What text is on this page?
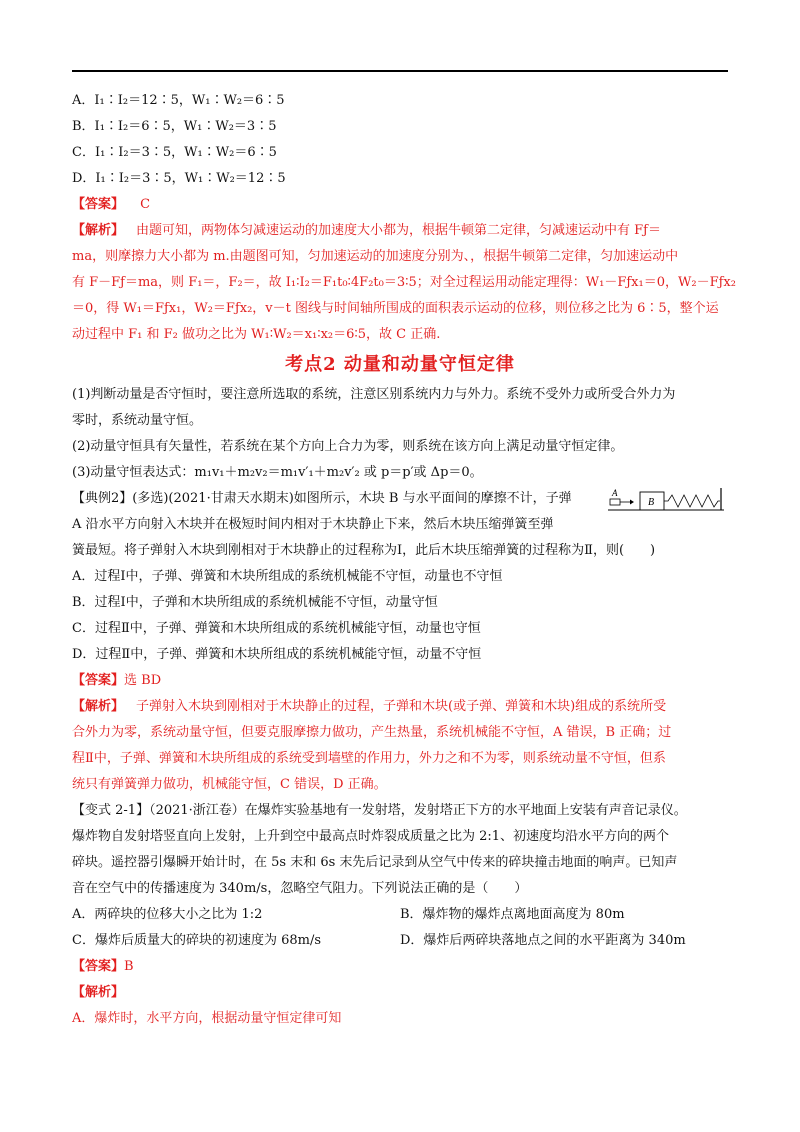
A．I₁∶I₂＝12∶5，W₁∶W₂＝6∶5
B．I₁∶I₂＝6∶5，W₁∶W₂＝3∶5
C．I₁∶I₂＝3∶5，W₁∶W₂＝6∶5
D．I₁∶I₂＝3∶5，W₁∶W₂＝12∶5
【答案】 C
【解析】 由题可知，两物体匀减速运动的加速度大小都为，根据牛顿第二定律，匀减速运动中有 Fƒ＝
ma，则摩擦力大小都为 m.由题图可知，匀加速运动的加速度分别为、，根据牛顿第二定律，匀加速运动中
有 F－Fƒ＝ma，则 F₁＝，F₂＝，故 I₁∶I₂＝F₁t₀∶4F₂t₀＝3∶5；对全过程运用动能定理得：W₁－Fƒx₁＝0，W₂－Fƒx₂
＝0，得 W₁＝Fƒx₁，W₂＝Fƒx₂，v－t 图线与时间轴所围成的面积表示运动的位移，则位移之比为 6∶5，整个运
动过程中 F₁ 和 F₂ 做功之比为 W₁∶W₂＝x₁∶x₂＝6∶5，故 C 正确.
考点2 动量和动量守恒定律
(1)判断动量是否守恒时，要注意所选取的系统，注意区别系统内力与外力。系统不受外力或所受合外力为
零时，系统动量守恒。
(2)动量守恒具有矢量性，若系统在某个方向上合力为零，则系统在该方向上满足动量守恒定律。
(3)动量守恒表达式：m₁v₁＋m₂v₂＝m₁v′₁＋m₂v′₂ 或 p＝p′或 Δp＝0。
A
B
【典例2】(多选)(2021·甘肃天水期末)如图所示，木块 B 与水平面间的摩擦不计，子弹
A 沿水平方向射入木块并在极短时间内相对于木块静止下来，然后木块压缩弹簧至弹
簧最短。将子弹射入木块到刚相对于木块静止的过程称为Ⅰ，此后木块压缩弹簧的过程称为Ⅱ，则(　　)
A．过程Ⅰ中，子弹、弹簧和木块所组成的系统机械能不守恒，动量也不守恒
B．过程Ⅰ中，子弹和木块所组成的系统机械能不守恒，动量守恒
C．过程Ⅱ中，子弹、弹簧和木块所组成的系统机械能守恒，动量也守恒
D．过程Ⅱ中，子弹、弹簧和木块所组成的系统机械能守恒，动量不守恒
【答案】选 BD
【解析】 子弹射入木块到刚相对于木块静止的过程，子弹和木块(或子弹、弹簧和木块)组成的系统所受
合外力为零，系统动量守恒，但要克服摩擦力做功，产生热量，系统机械能不守恒，A 错误，B 正确；过
程Ⅱ中，子弹、弹簧和木块所组成的系统受到墙壁的作用力，外力之和不为零，则系统动量不守恒，但系
统只有弹簧弹力做功，机械能守恒，C 错误，D 正确。
【变式 2-1】（2021·浙江卷）在爆炸实验基地有一发射塔，发射塔正下方的水平地面上安装有声音记录仪。
爆炸物自发射塔竖直向上发射，上升到空中最高点时炸裂成质量之比为 2:1、初速度均沿水平方向的两个
碎块。遥控器引爆瞬开始计时，在 5s 末和 6s 末先后记录到从空气中传来的碎块撞击地面的响声。已知声
音在空气中的传播速度为 340m/s，忽略空气阻力。下列说法正确的是（　　）
A．两碎块的位移大小之比为 1:2	B．爆炸物的爆炸点离地面高度为 80m
C．爆炸后质量大的碎块的初速度为 68m/s	D．爆炸后两碎块落地点之间的水平距离为 340m
【答案】B
【解析】
A．爆炸时，水平方向，根据动量守恒定律可知
